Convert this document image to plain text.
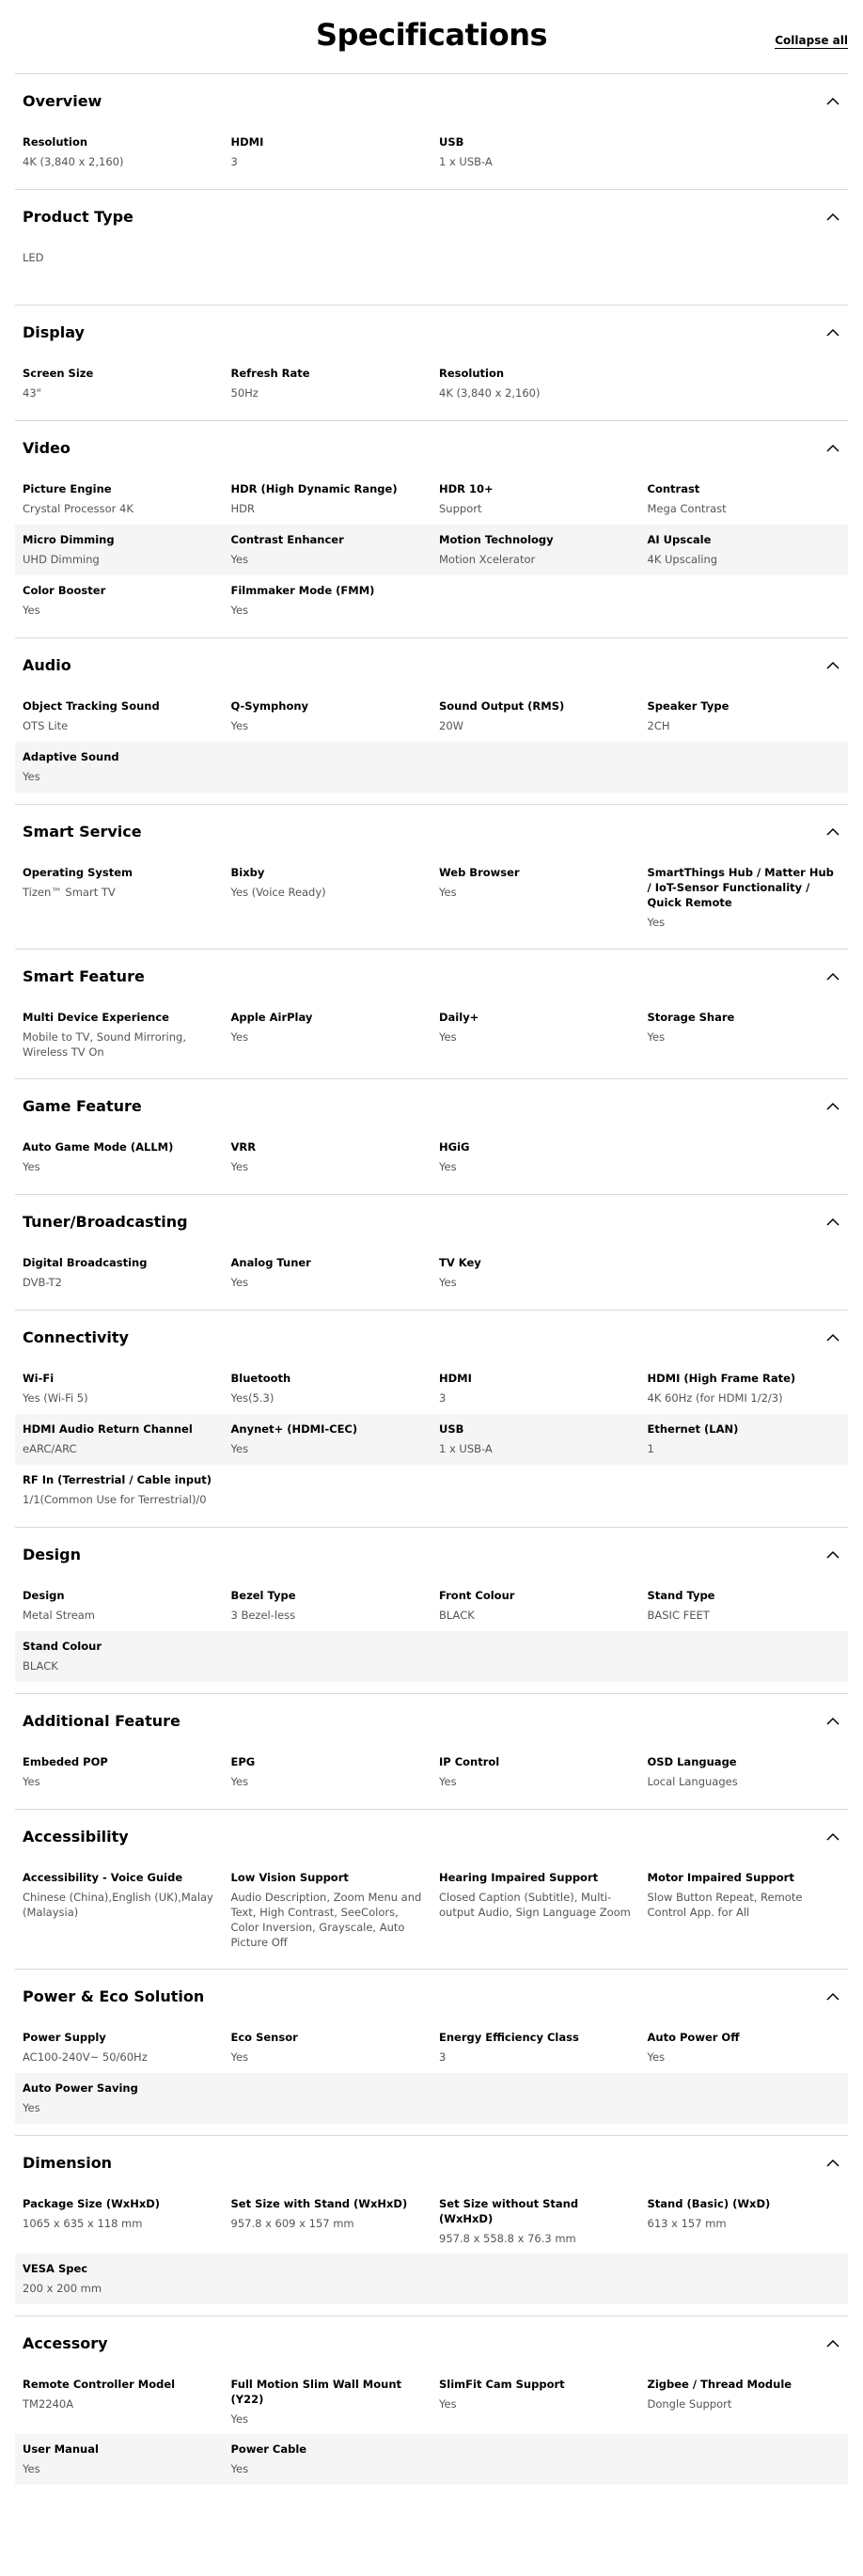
Specifications	Collapse all
Overview
Resolution
4K (3,840 x 2,160)
HDMI
3
USB
1 x USB-A
Product Type
LED
Display
Screen Size
43"
Refresh Rate
50Hz
Resolution
4K (3,840 x 2,160)
Video
Picture Engine
Crystal Processor 4K
HDR (High Dynamic Range)
HDR
HDR 10+
Support
Contrast
Mega Contrast
Micro Dimming
UHD Dimming
Contrast Enhancer
Yes
Motion Technology
Motion Xcelerator
AI Upscale
4K Upscaling
Color Booster
Yes
Filmmaker Mode (FMM)
Yes
Audio
Object Tracking Sound
OTS Lite
Q-Symphony
Yes
Sound Output (RMS)
20W
Speaker Type
2CH
Adaptive Sound
Yes
Smart Service
Operating System
Tizen™ Smart TV
Bixby
Yes (Voice Ready)
Web Browser
Yes
SmartThings Hub / Matter Hub / IoT-Sensor Functionality / Quick Remote
Yes
Smart Feature
Multi Device Experience
Mobile to TV, Sound Mirroring, Wireless TV On
Apple AirPlay
Yes
Daily+
Yes
Storage Share
Yes
Game Feature
Auto Game Mode (ALLM)
Yes
VRR
Yes
HGiG
Yes
Tuner/Broadcasting
Digital Broadcasting
DVB-T2
Analog Tuner
Yes
TV Key
Yes
Connectivity
Wi-Fi
Yes (Wi-Fi 5)
Bluetooth
Yes(5.3)
HDMI
3
HDMI (High Frame Rate)
4K 60Hz (for HDMI 1/2/3)
HDMI Audio Return Channel
eARC/ARC
Anynet+ (HDMI-CEC)
Yes
USB
1 x USB-A
Ethernet (LAN)
1
RF In (Terrestrial / Cable input)
1/1(Common Use for Terrestrial)/0
Design
Design
Metal Stream
Bezel Type
3 Bezel-less
Front Colour
BLACK
Stand Type
BASIC FEET
Stand Colour
BLACK
Additional Feature
Embeded POP
Yes
EPG
Yes
IP Control
Yes
OSD Language
Local Languages
Accessibility
Accessibility - Voice Guide
Chinese (China),English (UK),Malay (Malaysia)
Low Vision Support
Audio Description, Zoom Menu and Text, High Contrast, SeeColors, Color Inversion, Grayscale, Auto Picture Off
Hearing Impaired Support
Closed Caption (Subtitle), Multi-output Audio, Sign Language Zoom
Motor Impaired Support
Slow Button Repeat, Remote Control App. for All
Power & Eco Solution
Power Supply
AC100-240V~ 50/60Hz
Eco Sensor
Yes
Energy Efficiency Class
3
Auto Power Off
Yes
Auto Power Saving
Yes
Dimension
Package Size (WxHxD)
1065 x 635 x 118 mm
Set Size with Stand (WxHxD)
957.8 x 609 x 157 mm
Set Size without Stand (WxHxD)
957.8 x 558.8 x 76.3 mm
Stand (Basic) (WxD)
613 x 157 mm
VESA Spec
200 x 200 mm
Accessory
Remote Controller Model
TM2240A
Full Motion Slim Wall Mount (Y22)
Yes
SlimFit Cam Support
Yes
Zigbee / Thread Module
Dongle Support
User Manual
Yes
Power Cable
Yes
